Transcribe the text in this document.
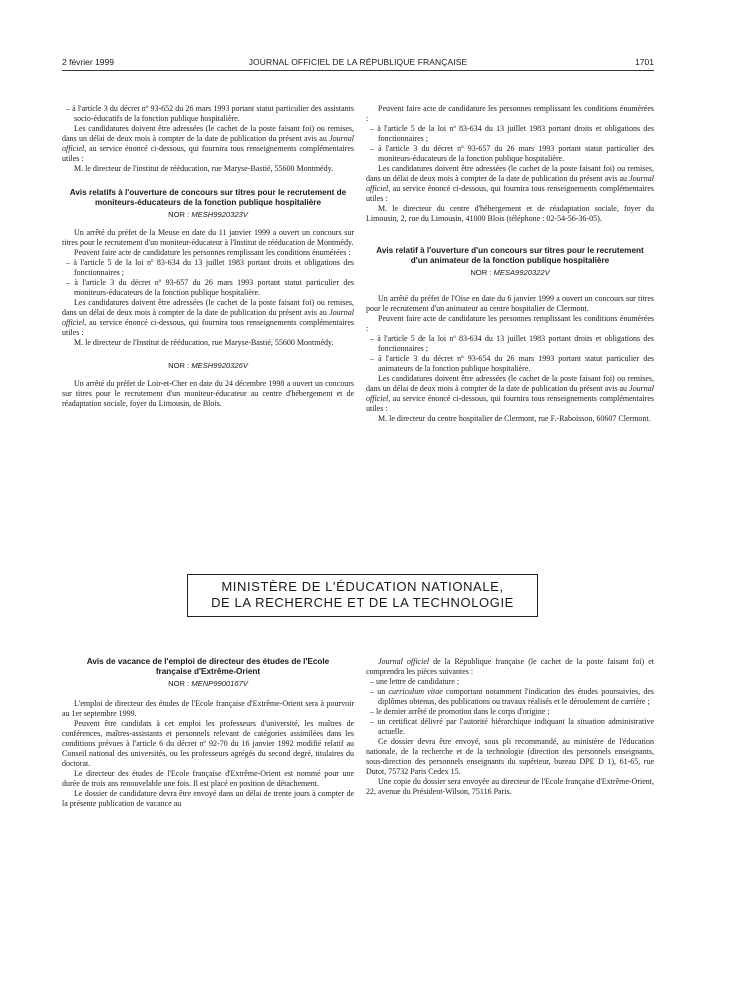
2 février 1999	JOURNAL OFFICIEL DE LA RÉPUBLIQUE FRANÇAISE	1701

– à l'article 3 du décret nº 93-652 du 26 mars 1993 portant statut particulier des assistants socio-éducatifs de la fonction publique hospitalière.

Les candidatures doivent être adressées (le cachet de la poste faisant foi) ou remises, dans un délai de deux mois à compter de la date de publication du présent avis au Journal officiel, au service énoncé ci-dessous, qui fournira tous renseignements complémentaires utiles :

M. le directeur de l'institut de rééducation, rue Maryse-Bastié, 55600 Montmédy.

Avis relatifs à l'ouverture de concours sur titres pour le recrutement de moniteurs-éducateurs de la fonction publique hospitalière

NOR : MESH9920323V

Un arrêté du préfet de la Meuse en date du 11 janvier 1999 a ouvert un concours sur titres pour le recrutement d'un moniteur-éducateur à l'Institut de rééducation de Montmédy.

Peuvent faire acte de candidature les personnes remplissant les conditions énumérées :

– à l'article 5 de la loi nº 83-634 du 13 juillet 1983 portant droits et obligations des fonctionnaires ;

– à l'article 3 du décret nº 93-657 du 26 mars 1993 portant statut particulier des moniteurs-éducateurs de la fonction publique hospitalière.

Les candidatures doivent être adressées (le cachet de la poste faisant foi) ou remises, dans un délai de deux mois à compter de la date de publication du présent avis au Journal officiel, au service énoncé ci-dessous, qui fournira tous renseignements complémentaires utiles :

M. le directeur de l'Institut de rééducation, rue Maryse-Bastié, 55600 Montmédy.

NOR : MESH9920326V

Un arrêté du préfet de Loir-et-Cher en date du 24 décembre 1998 a ouvert un concours sur titres pour le recrutement d'un moniteur-éducateur au centre d'hébergement et de réadaptation sociale, foyer du Limousin, de Blois.

Peuvent faire acte de candidature les personnes remplissant les conditions énumérées :

– à l'article 5 de la loi nº 83-634 du 13 juillet 1983 portant droits et obligations des fonctionnaires ;

– à l'article 3 du décret nº 93-657 du 26 mars 1993 portant statut particulier des moniteurs-éducateurs de la fonction publique hospitalière.

Les candidatures doivent être adressées (le cachet de la poste faisant foi) ou remises, dans un délai de deux mois à compter de la date de publication du présent avis au Journal officiel, au service énoncé ci-dessous, qui fournira tous renseignements complémentaires utiles :

M. le directeur du centre d'hébergement et de réadaptation sociale, foyer du Limousin, 2, rue du Limousin, 41000 Blois (téléphone : 02-54-56-36-05).

Avis relatif à l'ouverture d'un concours sur titres pour le recrutement d'un animateur de la fonction publique hospitalière

NOR : MESA9920322V

Un arrêté du préfet de l'Oise en date du 6 janvier 1999 a ouvert un concours sur titres pour le recrutement d'un animateur au centre hospitalier de Clermont.

Peuvent faire acte de candidature les personnes remplissant les conditions énumérées :

– à l'article 5 de la loi nº 83-634 du 13 juillet 1983 portant droits et obligations des fonctionnaires ;

– à l'article 3 du décret nº 93-654 du 26 mars 1993 portant statut particulier des animateurs de la fonction publique hospitalière.

Les candidatures doivent être adressées (le cachet de la poste faisant foi) ou remises, dans un délai de deux mois à compter de la date de publication du présent avis au Journal officiel, au service énoncé ci-dessous, qui fournira tous renseignements complémentaires utiles :

M. le directeur du centre hospitalier de Clermont, rue F.-Raboisson, 60607 Clermont.

MINISTÈRE DE L'ÉDUCATION NATIONALE,
DE LA RECHERCHE ET DE LA TECHNOLOGIE

Avis de vacance de l'emploi de directeur des études de l'Ecole française d'Extrême-Orient

NOR : MENP9900167V

L'emploi de directeur des études de l'Ecole française d'Extrême-Orient sera à pourvoir au 1er septembre 1999.

Peuvent être candidats à cet emploi les professeurs d'université, les maîtres de conférences, maîtres-assistants et personnels relevant de catégories assimilées dans les conditions prévues à l'article 6 du décret nº 92-70 du 16 janvier 1992 modifié relatif au Conseil national des universités, ou les professeurs agrégés du second degré, titulaires du doctorat.

Le directeur des études de l'Ecole française d'Extrême-Orient est nommé pour une durée de trois ans renouvelable une fois. Il est placé en position de détachement.

Le dossier de candidature devra être envoyé dans un délai de trente jours à compter de la présente publication de vacance au

Journal officiel de la République française (le cachet de la poste faisant foi) et comprendra les pièces suivantes :

– une lettre de candidature ;

– un curriculum vitae comportant notamment l'indication des études poursuivies, des diplômes obtenus, des publications ou travaux réalisés et le déroulement de carrière ;

– le dernier arrêté de promotion dans le corps d'origine ;

– un certificat délivré par l'autorité hiérarchique indiquant la situation administrative actuelle.

Ce dossier devra être envoyé, sous pli recommandé, au ministère de l'éducation nationale, de la recherche et de la technologie (direction des personnels enseignants, sous-direction des personnels enseignants du supérieur, bureau DPE D 1), 61-65, rue Dutot, 75732 Paris Cedex 15.

Une copie du dossier sera envoyée au directeur de l'Ecole française d'Extrême-Orient, 22, avenue du Président-Wilson, 75116 Paris.
